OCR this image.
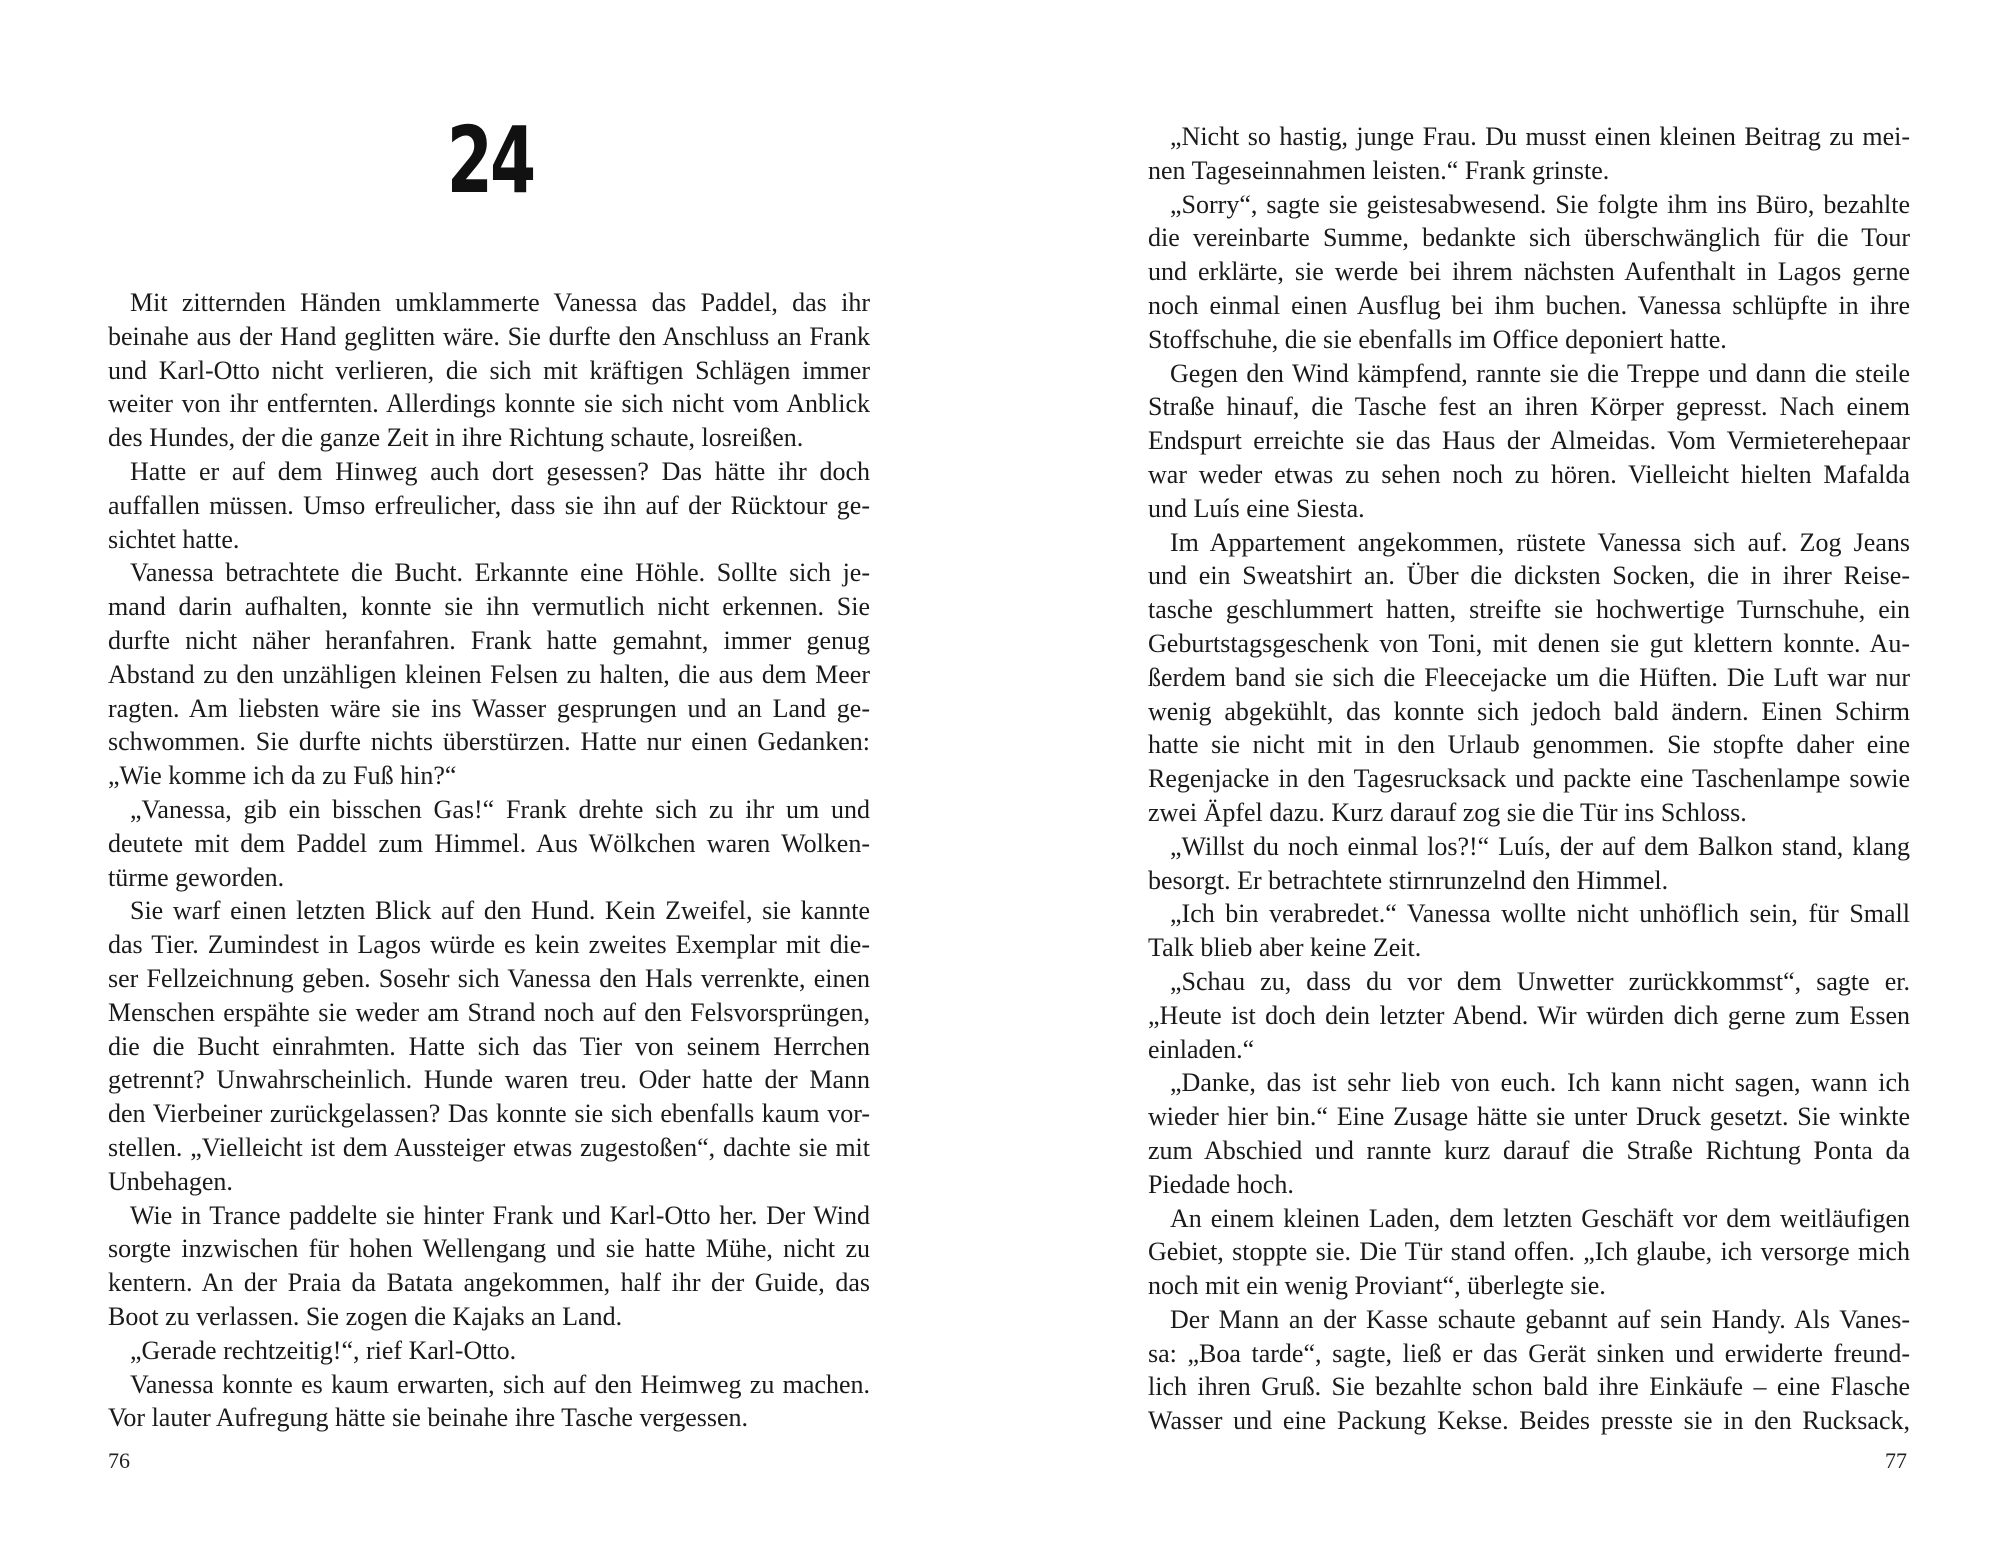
24
Mit zitternden Händen umklammerte Vanessa das Paddel, das ihr
beinahe aus der Hand geglitten wäre. Sie durfte den Anschluss an Frank
und Karl-Otto nicht verlieren, die sich mit kräftigen Schlägen immer
weiter von ihr entfernten. Allerdings konnte sie sich nicht vom Anblick
des Hundes, der die ganze Zeit in ihre Richtung schaute, losreißen.
Hatte er auf dem Hinweg auch dort gesessen? Das hätte ihr doch
auffallen müssen. Umso erfreulicher, dass sie ihn auf der Rücktour ge-
sichtet hatte.
Vanessa betrachtete die Bucht. Erkannte eine Höhle. Sollte sich je-
mand darin aufhalten, konnte sie ihn vermutlich nicht erkennen. Sie
durfte nicht näher heranfahren. Frank hatte gemahnt, immer genug
Abstand zu den unzähligen kleinen Felsen zu halten, die aus dem Meer
ragten. Am liebsten wäre sie ins Wasser gesprungen und an Land ge-
schwommen. Sie durfte nichts überstürzen. Hatte nur einen Gedanken:
„Wie komme ich da zu Fuß hin?“
„Vanessa, gib ein bisschen Gas!“ Frank drehte sich zu ihr um und
deutete mit dem Paddel zum Himmel. Aus Wölkchen waren Wolken-
türme geworden.
Sie warf einen letzten Blick auf den Hund. Kein Zweifel, sie kannte
das Tier. Zumindest in Lagos würde es kein zweites Exemplar mit die-
ser Fellzeichnung geben. Sosehr sich Vanessa den Hals verrenkte, einen
Menschen erspähte sie weder am Strand noch auf den Felsvorsprüngen,
die die Bucht einrahmten. Hatte sich das Tier von seinem Herrchen
getrennt? Unwahrscheinlich. Hunde waren treu. Oder hatte der Mann
den Vierbeiner zurückgelassen? Das konnte sie sich ebenfalls kaum vor-
stellen. „Vielleicht ist dem Aussteiger etwas zugestoßen“, dachte sie mit
Unbehagen.
Wie in Trance paddelte sie hinter Frank und Karl-Otto her. Der Wind
sorgte inzwischen für hohen Wellengang und sie hatte Mühe, nicht zu
kentern. An der Praia da Batata angekommen, half ihr der Guide, das
Boot zu verlassen. Sie zogen die Kajaks an Land.
„Gerade rechtzeitig!“, rief Karl-Otto.
Vanessa konnte es kaum erwarten, sich auf den Heimweg zu machen.
Vor lauter Aufregung hätte sie beinahe ihre Tasche vergessen.
76
„Nicht so hastig, junge Frau. Du musst einen kleinen Beitrag zu mei-
nen Tageseinnahmen leisten.“ Frank grinste.
„Sorry“, sagte sie geistesabwesend. Sie folgte ihm ins Büro, bezahlte
die vereinbarte Summe, bedankte sich überschwänglich für die Tour
und erklärte, sie werde bei ihrem nächsten Aufenthalt in Lagos gerne
noch einmal einen Ausflug bei ihm buchen. Vanessa schlüpfte in ihre
Stoffschuhe, die sie ebenfalls im Office deponiert hatte.
Gegen den Wind kämpfend, rannte sie die Treppe und dann die steile
Straße hinauf, die Tasche fest an ihren Körper gepresst. Nach einem
Endspurt erreichte sie das Haus der Almeidas. Vom Vermieterehepaar
war weder etwas zu sehen noch zu hören. Vielleicht hielten Mafalda
und Luís eine Siesta.
Im Appartement angekommen, rüstete Vanessa sich auf. Zog Jeans
und ein Sweatshirt an. Über die dicksten Socken, die in ihrer Reise-
tasche geschlummert hatten, streifte sie hochwertige Turnschuhe, ein
Geburtstagsgeschenk von Toni, mit denen sie gut klettern konnte. Au-
ßerdem band sie sich die Fleecejacke um die Hüften. Die Luft war nur
wenig abgekühlt, das konnte sich jedoch bald ändern. Einen Schirm
hatte sie nicht mit in den Urlaub genommen. Sie stopfte daher eine
Regenjacke in den Tagesrucksack und packte eine Taschenlampe sowie
zwei Äpfel dazu. Kurz darauf zog sie die Tür ins Schloss.
„Willst du noch einmal los?!“ Luís, der auf dem Balkon stand, klang
besorgt. Er betrachtete stirnrunzelnd den Himmel.
„Ich bin verabredet.“ Vanessa wollte nicht unhöflich sein, für Small
Talk blieb aber keine Zeit.
„Schau zu, dass du vor dem Unwetter zurückkommst“, sagte er.
„Heute ist doch dein letzter Abend. Wir würden dich gerne zum Essen
einladen.“
„Danke, das ist sehr lieb von euch. Ich kann nicht sagen, wann ich
wieder hier bin.“ Eine Zusage hätte sie unter Druck gesetzt. Sie winkte
zum Abschied und rannte kurz darauf die Straße Richtung Ponta da
Piedade hoch.
An einem kleinen Laden, dem letzten Geschäft vor dem weitläufigen
Gebiet, stoppte sie. Die Tür stand offen. „Ich glaube, ich versorge mich
noch mit ein wenig Proviant“, überlegte sie.
Der Mann an der Kasse schaute gebannt auf sein Handy. Als Vanes-
sa: „Boa tarde“, sagte, ließ er das Gerät sinken und erwiderte freund-
lich ihren Gruß. Sie bezahlte schon bald ihre Einkäufe – eine Flasche
Wasser und eine Packung Kekse. Beides presste sie in den Rucksack,
77
